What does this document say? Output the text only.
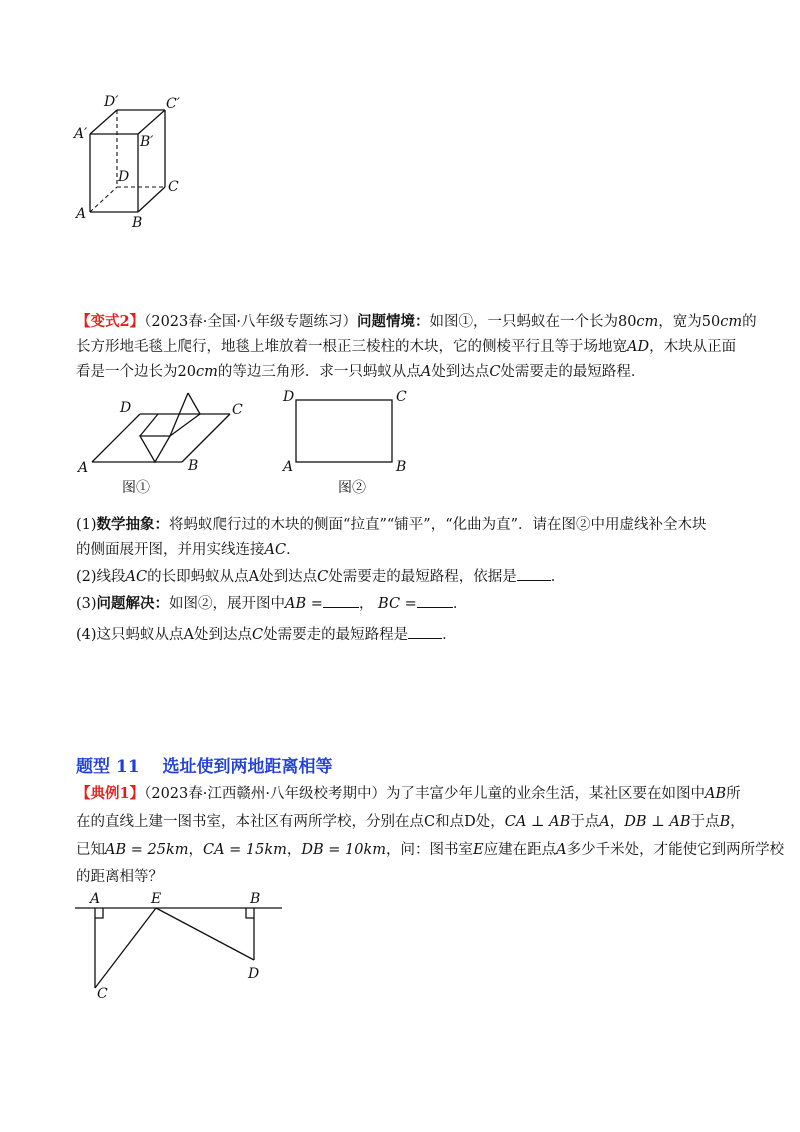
D′	C′
A′	B′
D
C
A
B
【变式2】（2023春·全国·八年级专题练习）问题情境：如图①，一只蚂蚁在一个长为80cm，宽为50cm的
长方形地毛毯上爬行，地毯上堆放着一根正三棱柱的木块，它的侧棱平行且等于场地宽AD，木块从正面
看是一个边长为20cm的等边三角形．求一只蚂蚁从点A处到达点C处需要走的最短路程．
D	C
A	B
图①
D	C
A	B
图②
(1)数学抽象：将蚂蚁爬行过的木块的侧面“拉直”“铺平”，“化曲为直”．请在图②中用虚线补全木块
的侧面展开图，并用实线连接AC．
(2)线段AC的长即蚂蚁从点A处到达点C处需要走的最短路程，依据是 ．
(3)问题解决：如图②，展开图中AB = ， BC = ．
(4)这只蚂蚁从点A处到达点C处需要走的最短路程是 ．
题型 11　 选址使到两地距离相等
【典例1】（2023春·江西赣州·八年级校考期中）为了丰富少年儿童的业余生活，某社区要在如图中AB所
在的直线上建一图书室，本社区有两所学校，分别在点C和点D处，CA ⊥ AB于点A，DB ⊥ AB于点B，
已知AB = 25km，CA = 15km，DB = 10km，问：图书室E应建在距点A多少千米处，才能使它到两所学校
的距离相等？
A	E	B
D
C
